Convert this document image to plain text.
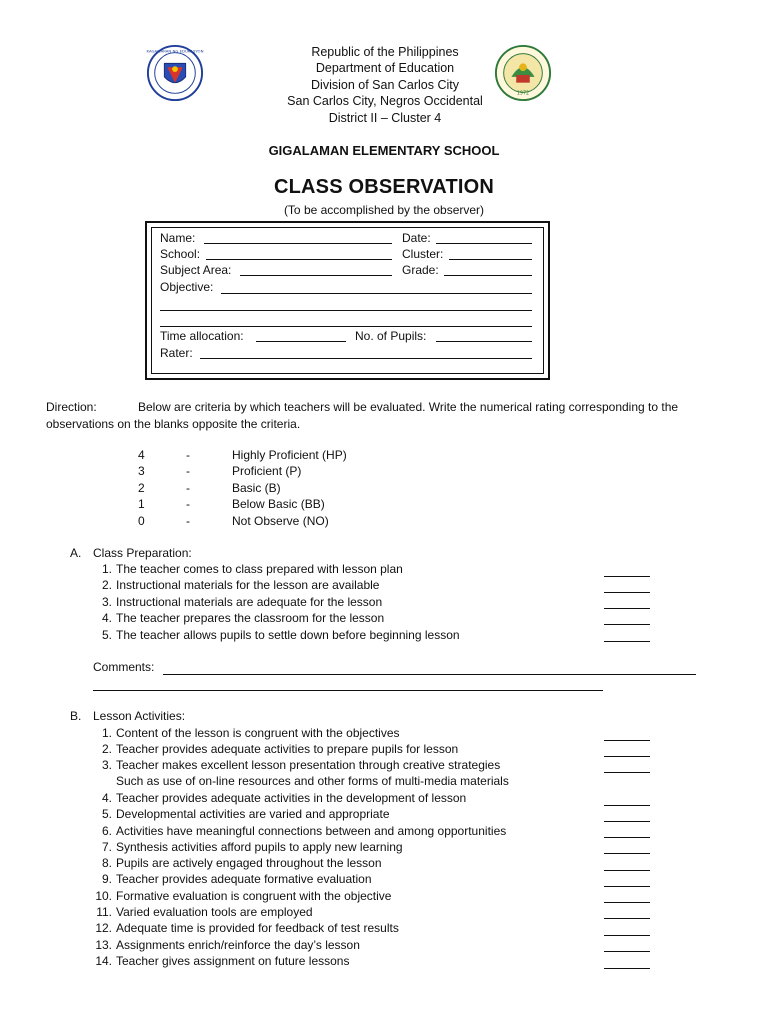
KAGAWARAN NG EDUKASYON
1972
Republic of the Philippines
Department of Education
Division of San Carlos City
San Carlos City, Negros Occidental
District II – Cluster 4
GIGALAMAN ELEMENTARY SCHOOL
CLASS OBSERVATION
(To be accomplished by the observer)
Name:	Date:
School:	Cluster:
Subject Area:	Grade:
Objective:
Time allocation:	No. of Pupils:
Rater:
Direction:	Below are criteria by which teachers will be evaluated. Write the numerical rating corresponding to the observations on the blanks opposite the criteria.
4	-	Highly Proficient (HP)
3	-	Proficient (P)
2	-	Basic (B)
1	-	Below Basic (BB)
0	-	Not Observe (NO)
A. Class Preparation:
1. The teacher comes to class prepared with lesson plan
2. Instructional materials for the lesson are available
3. Instructional materials are adequate for the lesson
4. The teacher prepares the classroom for the lesson
5. The teacher allows pupils to settle down before beginning lesson
Comments:
B. Lesson Activities:
1. Content of the lesson is congruent with the objectives
2. Teacher provides adequate activities to prepare pupils for lesson
3. Teacher makes excellent lesson presentation through creative strategies
Such as use of on-line resources and other forms of multi-media materials
4. Teacher provides adequate activities in the development of lesson
5. Developmental activities are varied and appropriate
6. Activities have meaningful connections between and among opportunities
7. Synthesis activities afford pupils to apply new learning
8. Pupils are actively engaged throughout the lesson
9. Teacher provides adequate formative evaluation
10. Formative evaluation is congruent with the objective
11. Varied evaluation tools are employed
12. Adequate time is provided for feedback of test results
13. Assignments enrich/reinforce the day’s lesson
14. Teacher gives assignment on future lessons
